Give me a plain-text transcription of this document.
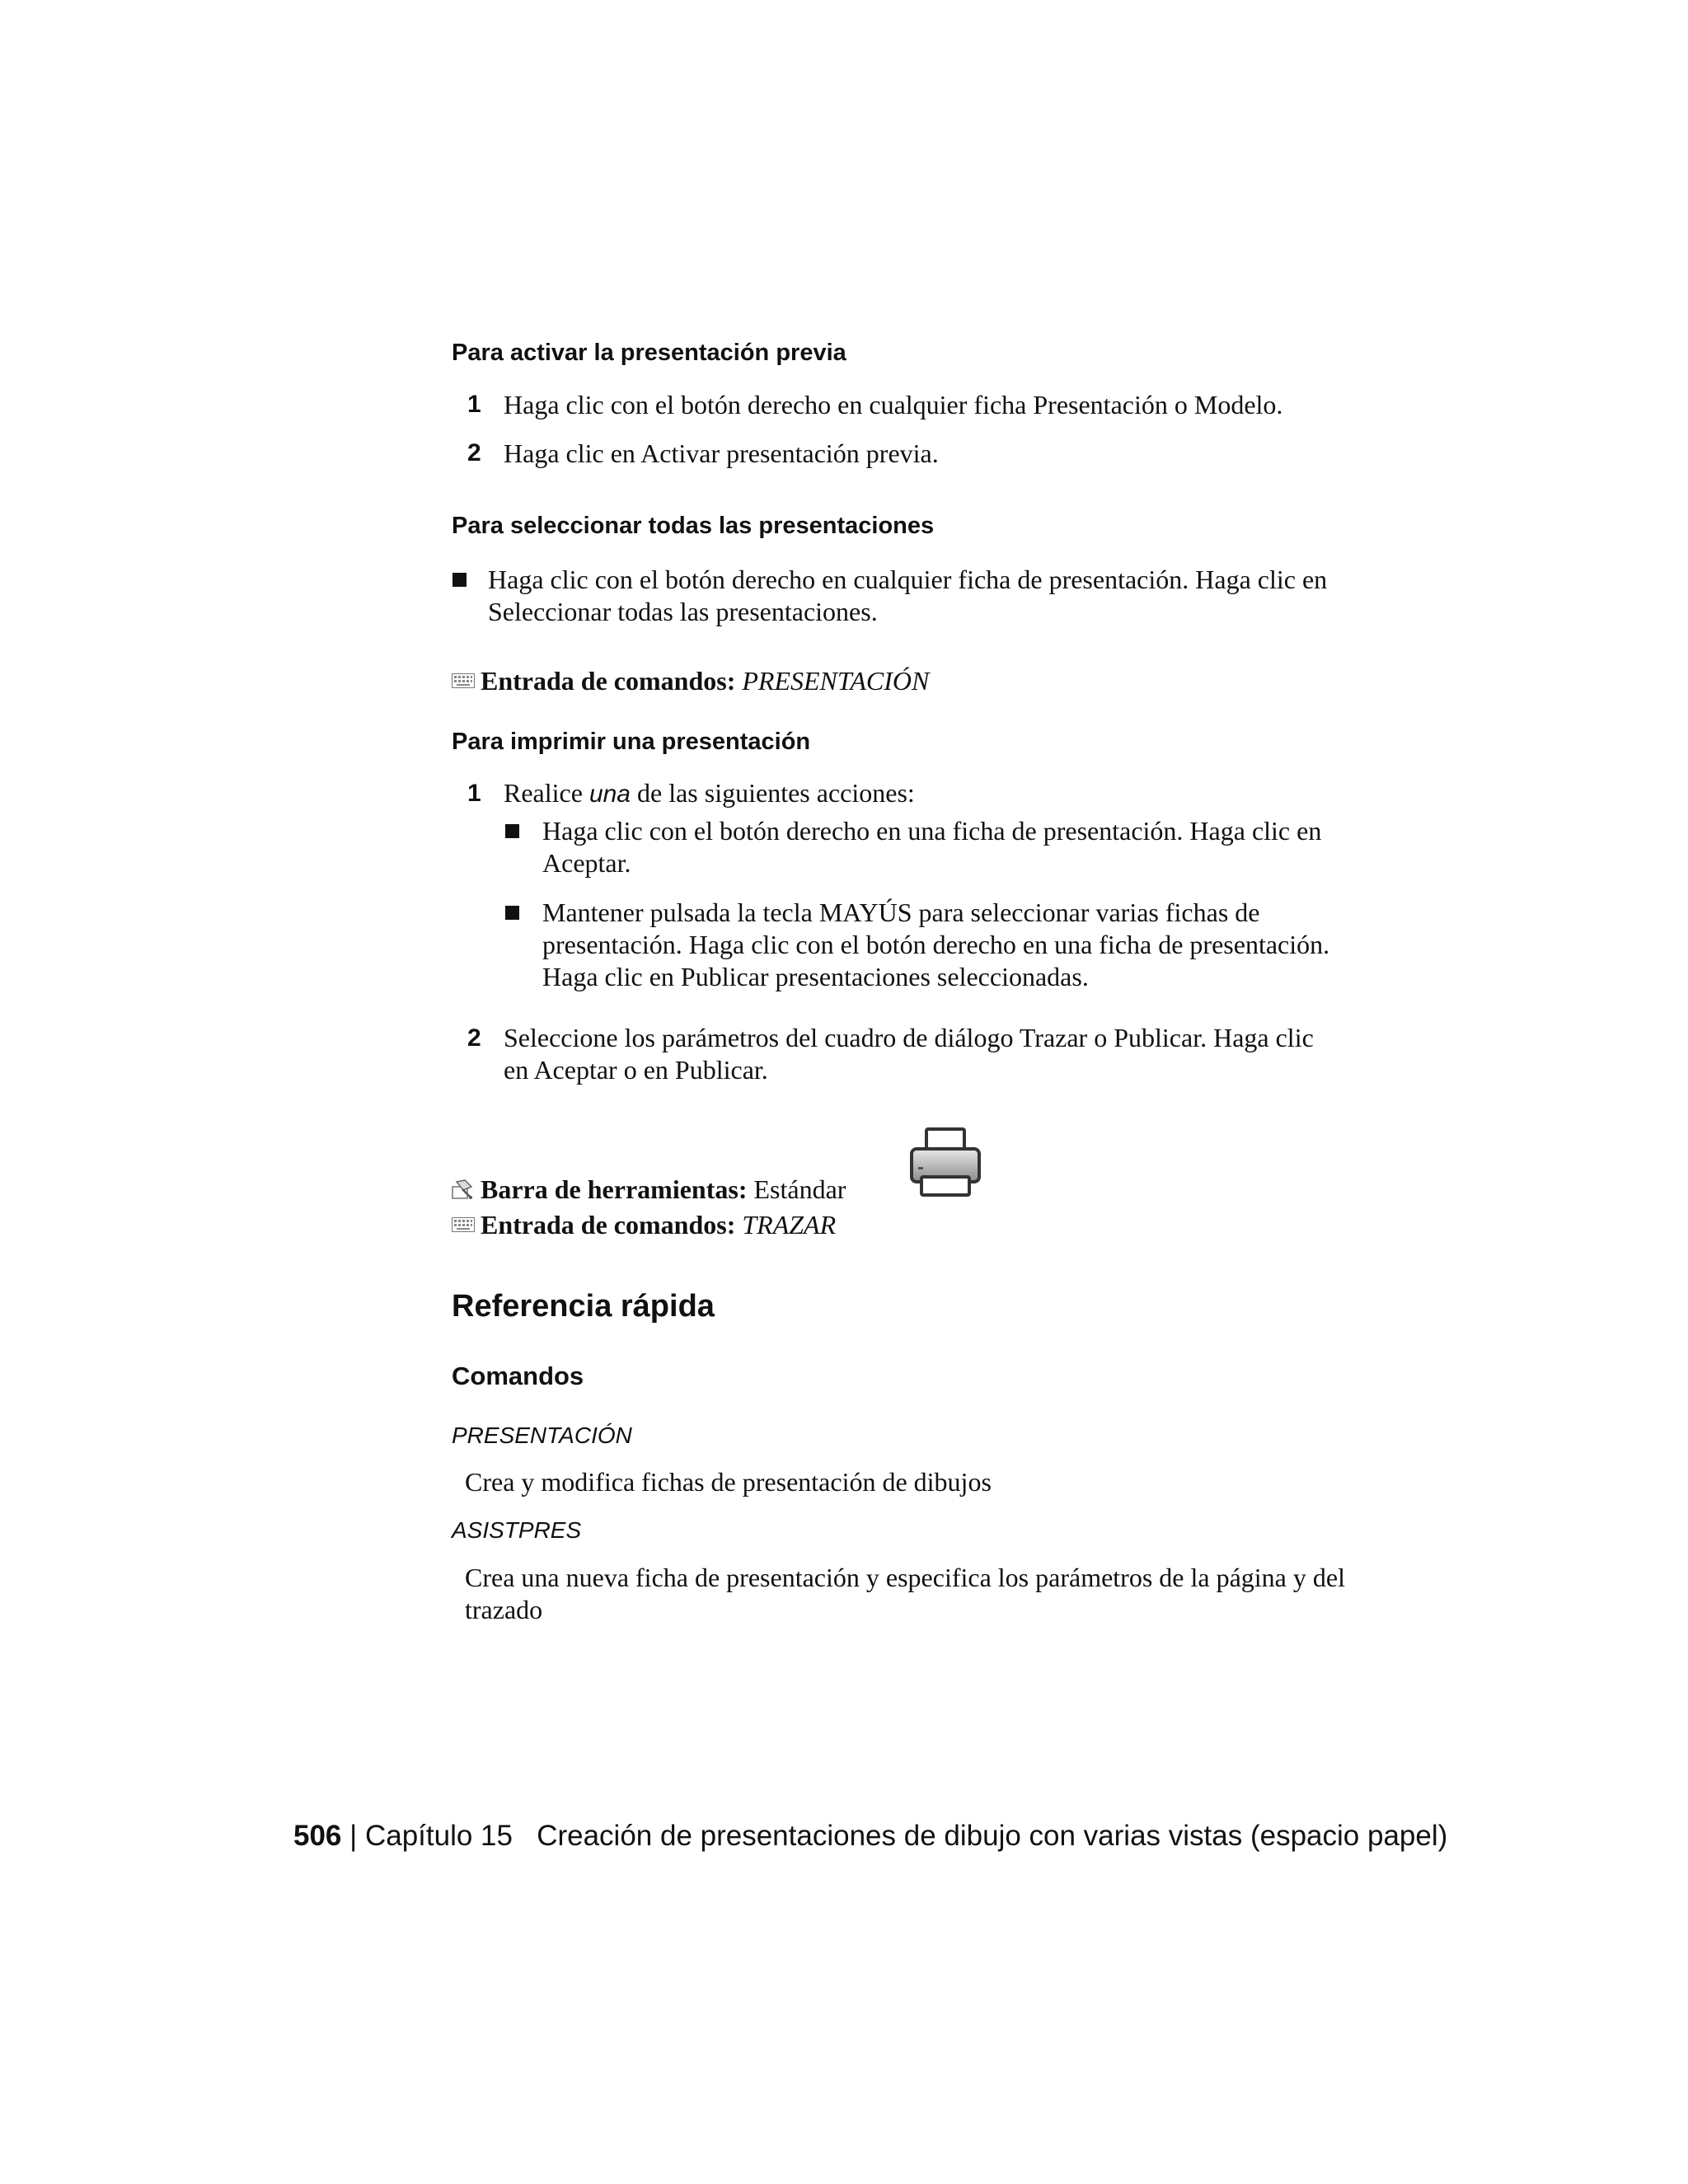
Para activar la presentación previa
1 Haga clic con el botón derecho en cualquier ficha Presentación o Modelo.
2 Haga clic en Activar presentación previa.
Para seleccionar todas las presentaciones
Haga clic con el botón derecho en cualquier ficha de presentación. Haga clic en Seleccionar todas las presentaciones.
Entrada de comandos: PRESENTACIÓN
Para imprimir una presentación
1 Realice una de las siguientes acciones:
Haga clic con el botón derecho en una ficha de presentación. Haga clic en Aceptar.
Mantener pulsada la tecla MAYÚS para seleccionar varias fichas de presentación. Haga clic con el botón derecho en una ficha de presentación. Haga clic en Publicar presentaciones seleccionadas.
2 Seleccione los parámetros del cuadro de diálogo Trazar o Publicar. Haga clic en Aceptar o en Publicar.
Barra de herramientas: Estándar
Entrada de comandos: TRAZAR
Referencia rápida
Comandos
PRESENTACIÓN
Crea y modifica fichas de presentación de dibujos
ASISTPRES
Crea una nueva ficha de presentación y especifica los parámetros de la página y del trazado
506 | Capítulo 15 Creación de presentaciones de dibujo con varias vistas (espacio papel)
